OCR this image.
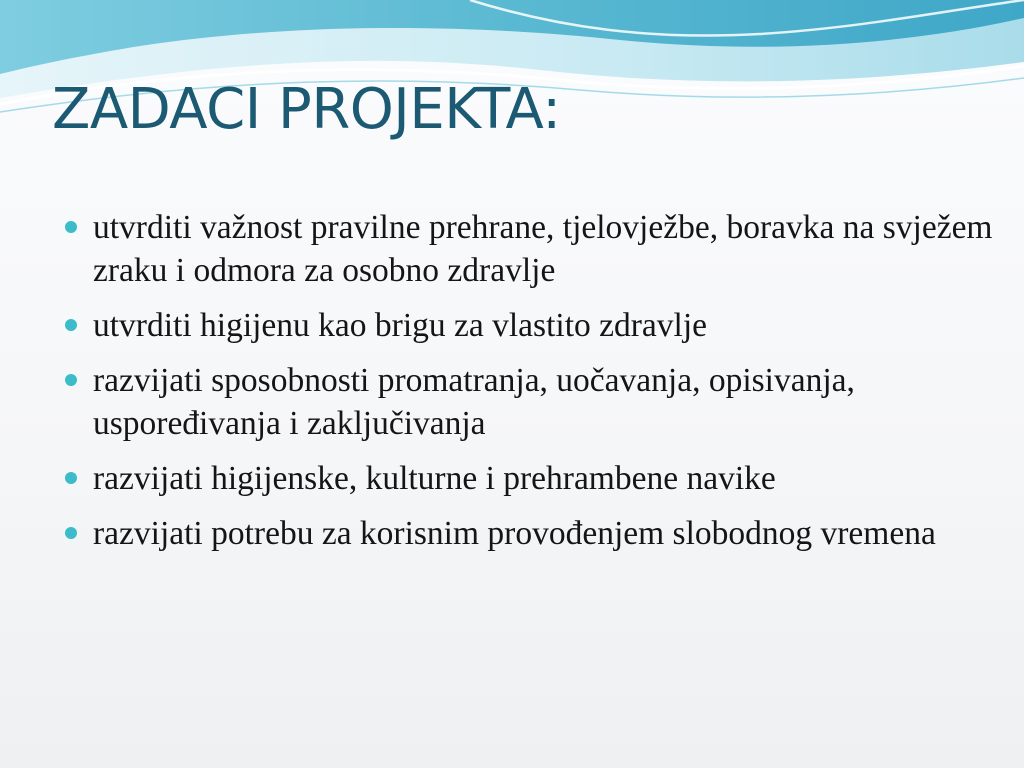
ZADACI PROJEKTA:
utvrditi važnost pravilne prehrane, tjelovježbe, boravka na svježem zraku i odmora za osobno zdravlje
utvrditi higijenu kao brigu za vlastito zdravlje
razvijati sposobnosti promatranja, uočavanja, opisivanja, uspoređivanja i zaključivanja
razvijati higijenske, kulturne i prehrambene navike
razvijati potrebu za korisnim provođenjem slobodnog vremena
